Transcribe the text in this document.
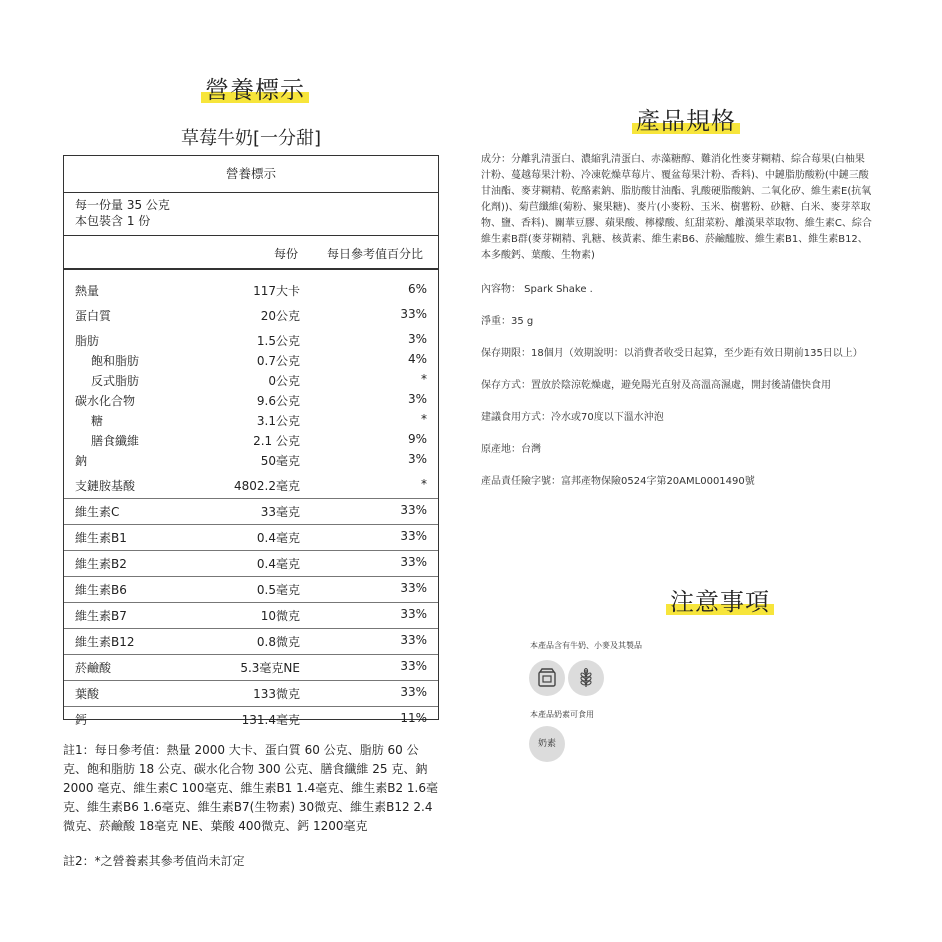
營養標示
產品規格
注意事項
草莓牛奶[一分甜]
營養標示
每一份量 35 公克
本包裝含 1 份
每份 每日參考值百分比
熱量	117大卡	6%
蛋白質	20公克	33%
脂肪	1.5公克	3%
飽和脂肪	0.7公克	4%
反式脂肪	0公克	*
碳水化合物	9.6公克	3%
糖	3.1公克	*
膳食纖維	2.1 公克	9%
鈉	50毫克	3%
支鏈胺基酸	4802.2毫克	*
維生素C	33毫克	33%
維生素B1	0.4毫克	33%
維生素B2	0.4毫克	33%
維生素B6	0.5毫克	33%
維生素B7	10微克	33%
維生素B12	0.8微克	33%
菸鹼酸	5.3毫克NE	33%
葉酸	133微克	33%
鈣	131.4毫克	11%
註1：每日參考值：熱量 2000 大卡、蛋白質 60 公克、脂肪 60 公克、飽和脂肪 18 公克、碳水化合物 300 公克、膳食纖維 25 克、鈉 2000 毫克、維生素C 100毫克、維生素B1 1.4毫克、維生素B2 1.6毫克、維生素B6 1.6毫克、維生素B7(生物素) 30微克、維生素B12 2.4微克、菸鹼酸 18毫克 NE、葉酸 400微克、鈣 1200毫克
註2：*之營養素其參考值尚未訂定

成分：分離乳清蛋白、濃縮乳清蛋白、赤藻糖醇、難消化性麥芽糊精、綜合莓果(白柚果汁粉、蔓越莓果汁粉、冷凍乾燥草莓片、覆盆莓果汁粉、香料)、中鏈脂肪酸粉(中鏈三酸甘油酯、麥芽糊精、乾酪素鈉、脂肪酸甘油酯、乳酸硬脂酸鈉、二氧化矽、維生素E(抗氧化劑))、菊苣纖維(菊粉、聚果糖)、麥片(小麥粉、玉米、樹薯粉、砂糖、白米、麥芽萃取物、鹽、香料)、關華豆膠、蘋果酸、檸檬酸、紅甜菜粉、離漢果萃取物、維生素C、綜合維生素B群(麥芽糊精、乳糖、核黃素、維生素B6、菸鹼醯胺、維生素B1、維生素B12、本多酸鈣、葉酸、生物素)

內容物： Spark Shake .

淨重：35 g

保存期限：18個月（效期說明：以消費者收受日起算，至少距有效日期前135日以上）

保存方式：置放於陰涼乾燥處，避免陽光直射及高溫高濕處，開封後請儘快食用

建議食用方式：冷水或70度以下溫水沖泡

原產地：台灣

產品責任險字號：富邦產物保險0524字第20AML0001490號

本產品含有牛奶、小麥及其製品
本產品奶素可食用
奶素
